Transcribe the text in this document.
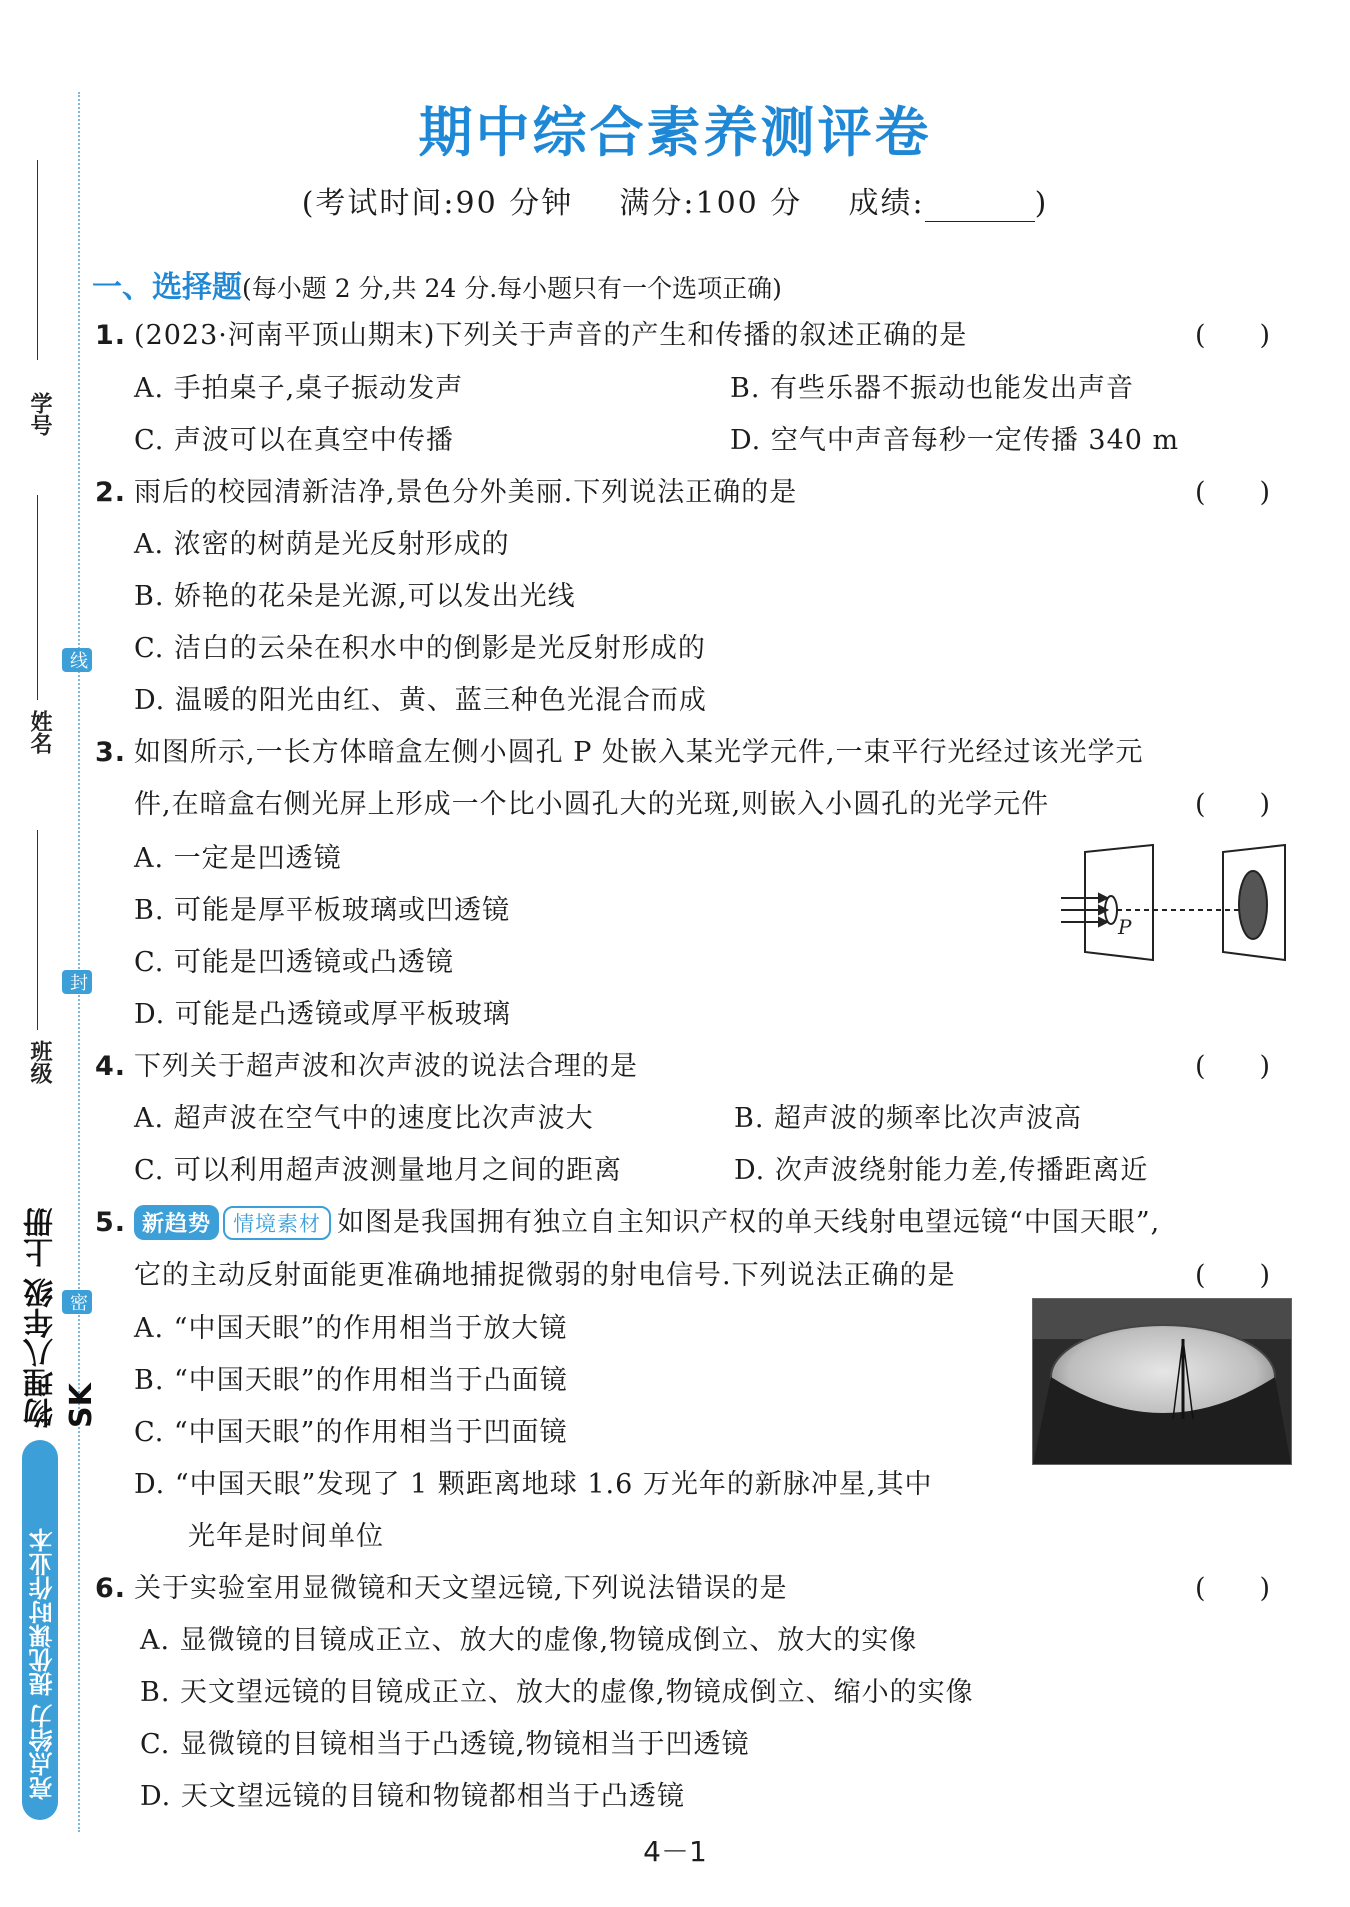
学号
姓名
班级
线
封
密
物理八年级 上册 SK
亮点给力 提优课时作业本
期中综合素养测评卷
(考试时间:90 分钟 满分:100 分 成绩:	)
一、选择题(每小题 2 分,共 24 分.每小题只有一个选项正确)
1. (2023·河南平顶山期末)下列关于声音的产生和传播的叙述正确的是	(　　)
A. 手拍桌子,桌子振动发声	B. 有些乐器不振动也能发出声音
C. 声波可以在真空中传播	D. 空气中声音每秒一定传播 340 m
2. 雨后的校园清新洁净,景色分外美丽.下列说法正确的是	(　　)
A. 浓密的树荫是光反射形成的
B. 娇艳的花朵是光源,可以发出光线
C. 洁白的云朵在积水中的倒影是光反射形成的
D. 温暖的阳光由红、黄、蓝三种色光混合而成
3. 如图所示,一长方体暗盒左侧小圆孔 P 处嵌入某光学元件,一束平行光经过该光学元
件,在暗盒右侧光屏上形成一个比小圆孔大的光斑,则嵌入小圆孔的光学元件	(　　)
A. 一定是凹透镜
B. 可能是厚平板玻璃或凹透镜
C. 可能是凹透镜或凸透镜
D. 可能是凸透镜或厚平板玻璃
P
4. 下列关于超声波和次声波的说法合理的是	(　　)
A. 超声波在空气中的速度比次声波大	B. 超声波的频率比次声波高
C. 可以利用超声波测量地月之间的距离	D. 次声波绕射能力差,传播距离近
5. 新趋势 情境素材 如图是我国拥有独立自主知识产权的单天线射电望远镜“中国天眼”,
它的主动反射面能更准确地捕捉微弱的射电信号.下列说法正确的是	(　　)
A. “中国天眼”的作用相当于放大镜
B. “中国天眼”的作用相当于凸面镜
C. “中国天眼”的作用相当于凹面镜
D. “中国天眼”发现了 1 颗距离地球 1.6 万光年的新脉冲星,其中
光年是时间单位
6. 关于实验室用显微镜和天文望远镜,下列说法错误的是	(　　)
A. 显微镜的目镜成正立、放大的虚像,物镜成倒立、放大的实像
B. 天文望远镜的目镜成正立、放大的虚像,物镜成倒立、缩小的实像
C. 显微镜的目镜相当于凸透镜,物镜相当于凹透镜
D. 天文望远镜的目镜和物镜都相当于凸透镜
4－1
